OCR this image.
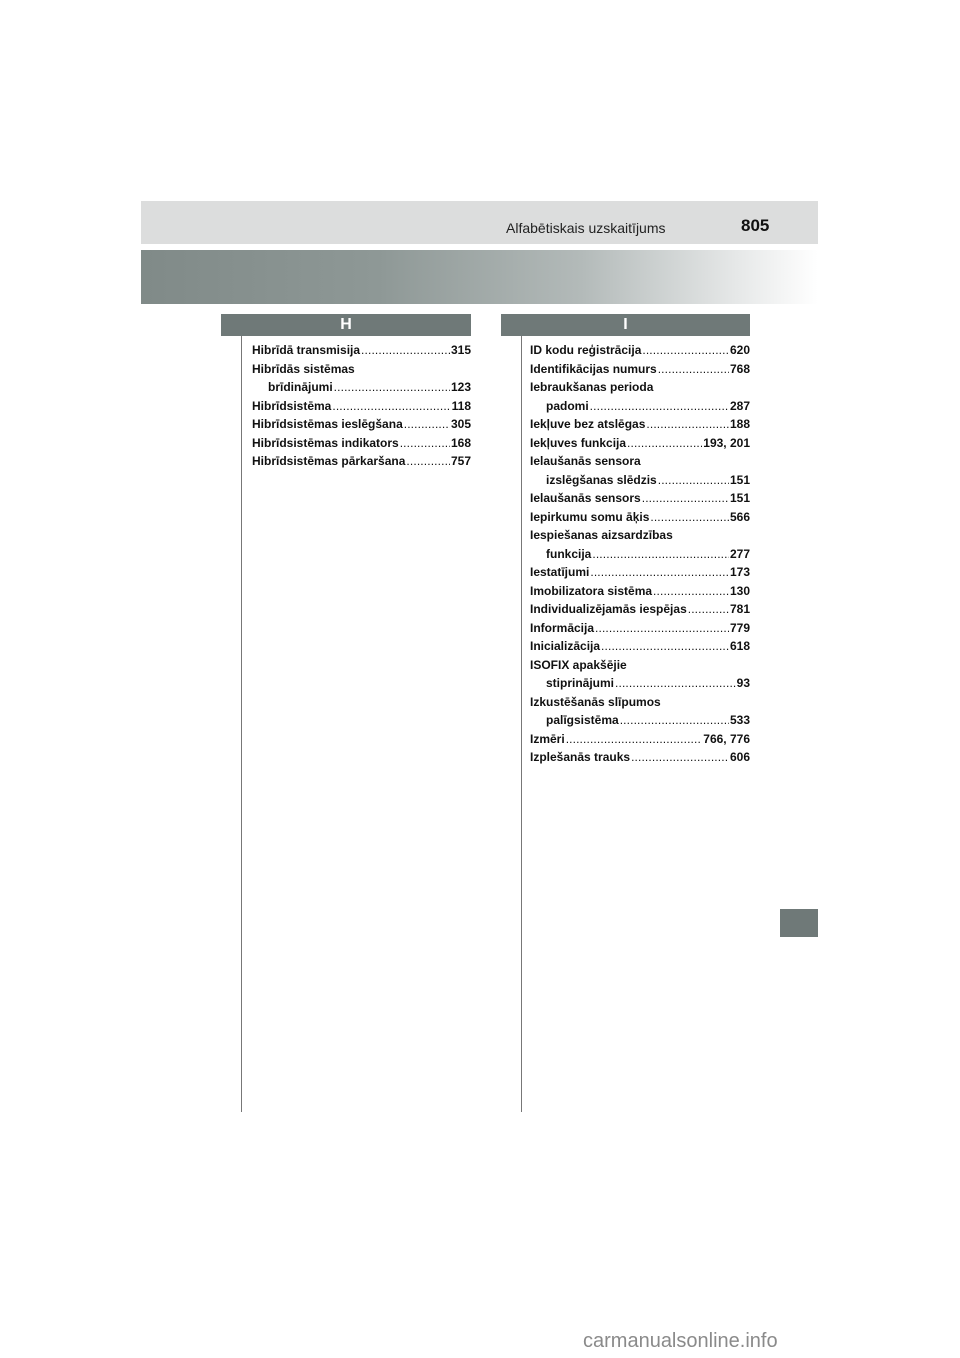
Alfabētiskais uzskaitījums	805
H	I
Hibrīdā transmisija . . .	315
Hibrīdās sistēmas
brīdinājumi . . .	123
Hibrīdsistēma . . .	118
Hibrīdsistēmas ieslēgšana . . .	305
Hibrīdsistēmas indikators . . .	168
Hibrīdsistēmas pārkaršana . . .	757
ID kodu reģistrācija . . .	620
Identifikācijas numurs . . .	768
Iebraukšanas perioda
padomi . . .	287
Iekļuve bez atslēgas . . .	188
Iekļuves funkcija . . .	193, 201
Ielaušanās sensora
izslēgšanas slēdzis . . .	151
Ielaušanās sensors . . .	151
Iepirkumu somu āķis . . .	566
Iespiešanas aizsardzības
funkcija . . .	277
Iestatījumi . . .	173
Imobilizatora sistēma . . .	130
Individualizējamās iespējas . . .	781
Informācija . . .	779
Inicializācija . . .	618
ISOFIX apakšējie
stiprinājumi . . .	93
Izkustēšanās slīpumos
palīgsistēma . . .	533
Izmēri . . .	766, 776
Izplešanās trauks . . .	606
carmanualsonline.info
